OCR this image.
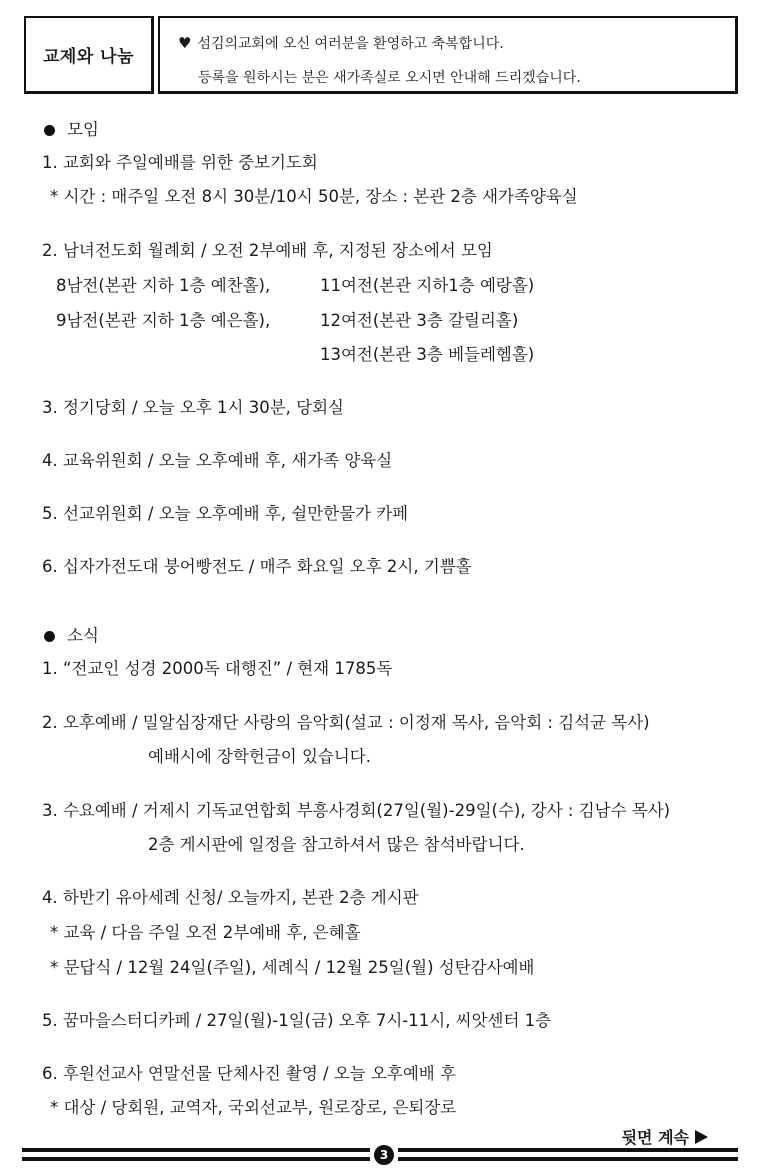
교제와 나눔
♥ 섬김의교회에 오신 여러분을 환영하고 축복합니다.
등록을 원하시는 분은 새가족실로 오시면 안내해 드리겠습니다.
모임
1. 교회와 주일예배를 위한 중보기도회
* 시간 : 매주일 오전 8시 30분/10시 50분, 장소 : 본관 2층 새가족양육실
2. 남녀전도회 월례회 / 오전 2부예배 후, 지정된 장소에서 모임
8남전(본관 지하 1층 예찬홀),	11여전(본관 지하1층 예랑홀)
9남전(본관 지하 1층 예은홀),	12여전(본관 3층 갈릴리홀)
13여전(본관 3층 베들레헴홀)
3. 정기당회 / 오늘 오후 1시 30분, 당회실
4. 교육위원회 / 오늘 오후예배 후, 새가족 양육실
5. 선교위원회 / 오늘 오후예배 후, 쉴만한물가 카페
6. 십자가전도대 붕어빵전도 / 매주 화요일 오후 2시, 기쁨홀
소식
1. “전교인 성경 2000독 대행진” / 현재 1785독
2. 오후예배 / 밀알심장재단 사랑의 음악회(설교 : 이정재 목사, 음악회 : 김석균 목사)
예배시에 장학헌금이 있습니다.
3. 수요예배 / 거제시 기독교연합회 부흥사경회(27일(월)-29일(수), 강사 : 김남수 목사)
2층 게시판에 일정을 참고하셔서 많은 참석바랍니다.
4. 하반기 유아세례 신청/ 오늘까지, 본관 2층 게시판
* 교육 / 다음 주일 오전 2부예배 후, 은혜홀
* 문답식 / 12월 24일(주일), 세례식 / 12월 25일(월) 성탄감사예배
5. 꿈마을스터디카페 / 27일(월)-1일(금) 오후 7시-11시, 씨앗센터 1층
6. 후원선교사 연말선물 단체사진 촬영 / 오늘 오후예배 후
* 대상 / 당회원, 교역자, 국외선교부, 원로장로, 은퇴장로
뒷면 계속
3
